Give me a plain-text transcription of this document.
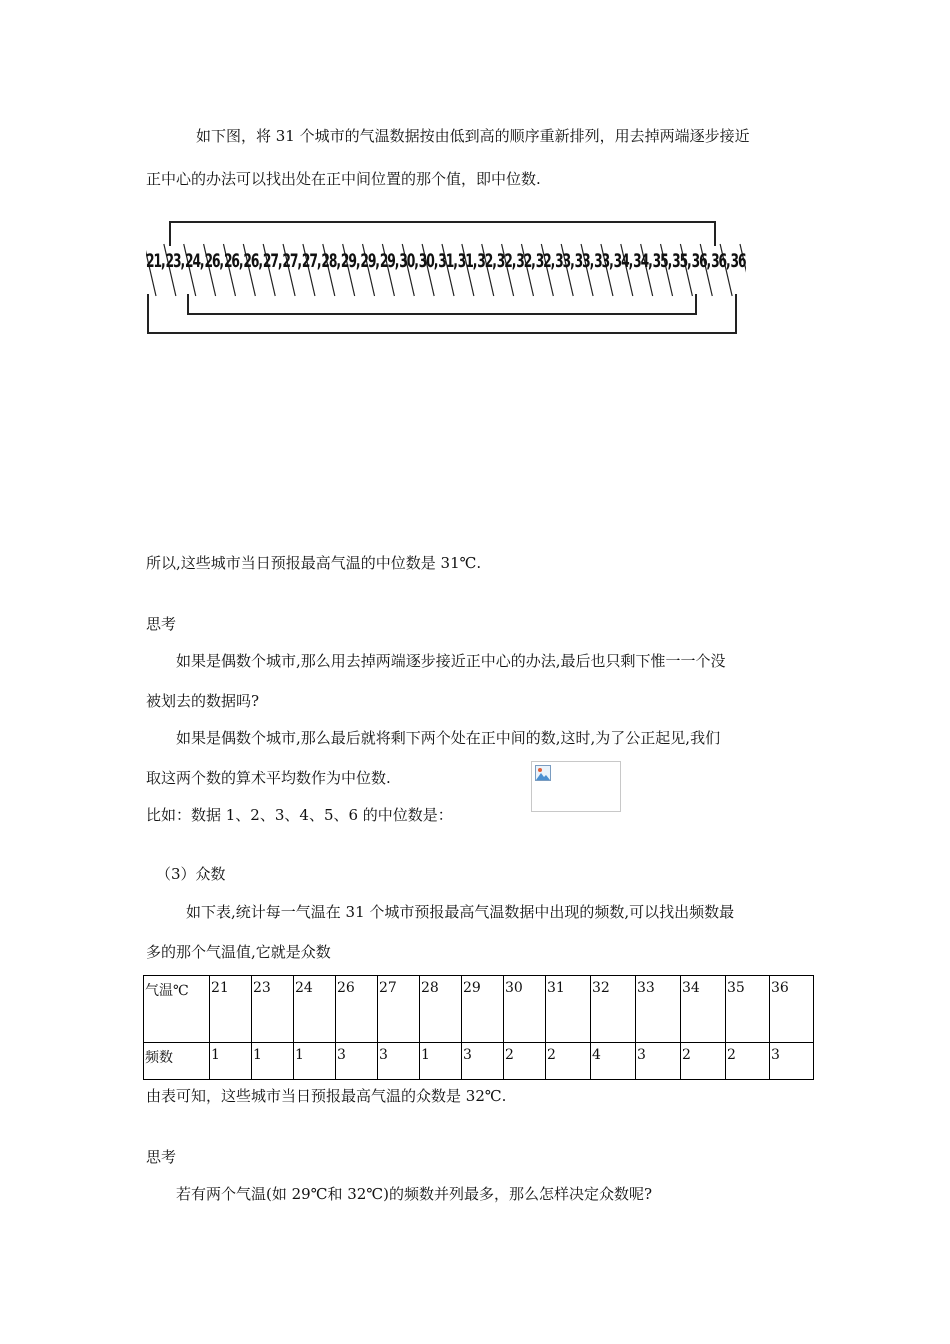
如下图，将 31 个城市的气温数据按由低到高的顺序重新排列，用去掉两端逐步接近
正中心的办法可以找出处在正中间位置的那个值，即中位数.
21, 23, 24, 26, 26, 26, 27, 27, 27, 28, 29, 29, 29, 30, 30, 31, 31, 32, 32, 32, 32, 33, 33, 33, 34, 34, 35, 35, 36, 36, 36
所以,这些城市当日预报最高气温的中位数是 31℃.
思考
如果是偶数个城市,那么用去掉两端逐步接近正中心的办法,最后也只剩下惟一一个没
被划去的数据吗?
如果是偶数个城市,那么最后就将剩下两个处在正中间的数,这时,为了公正起见,我们
取这两个数的算术平均数作为中位数.
比如：数据 1、2、3、4、5、6 的中位数是：
（3）众数
如下表,统计每一气温在 31 个城市预报最高气温数据中出现的频数,可以找出频数最
多的那个气温值,它就是众数
气温℃	21	23	24	26	27	28	29	30	31	32	33	34	35	36
频数	1	1	1	3	3	1	3	2	2	4	3	2	2	3
由表可知，这些城市当日预报最高气温的众数是 32℃.
思考
若有两个气温(如 29℃和 32℃)的频数并列最多，那么怎样决定众数呢?
